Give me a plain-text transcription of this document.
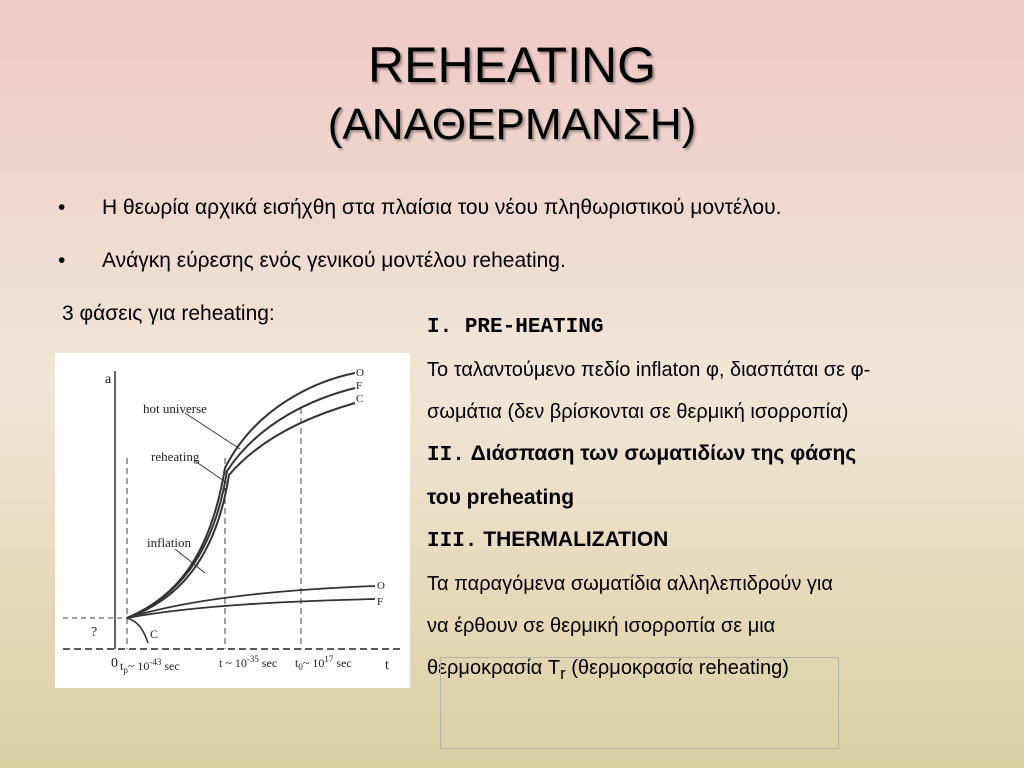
REHEATING
(ΑΝΑΘΕΡΜΑΝΣΗ)
• Η θεωρία αρχικά εισήχθη στα πλαίσια του νέου πληθωριστικού μοντέλου.
• Ανάγκη εύρεσης ενός γενικού μοντέλου reheating.
3 φάσεις για reheating:
a
t
0
?
hot universe
reheating
inflation
O
F
C
O
F
C
$t_p\sim$ $10^{-43}$ sec	t ~ $10^{-35}$ $\sec t_0\sim$ $10^{17}$ sec

I. PRE-HEATING

Το ταλαντούμενο πεδίο inflaton φ, διασπάται σε φ-

σωμάτια (δεν βρίσκονται σε θερμική ισορροπία)

II. Διάσπαση των σωματιδίων της φάσης

του preheating

III. THERMALIZATION

Τα παραγόμενα σωματίδια αλληλεπιδρούν για

να έρθουν σε θερμική ισορροπία σε μια

θερμοκρασία $T_r$ (θερμοκρασία reheating)
